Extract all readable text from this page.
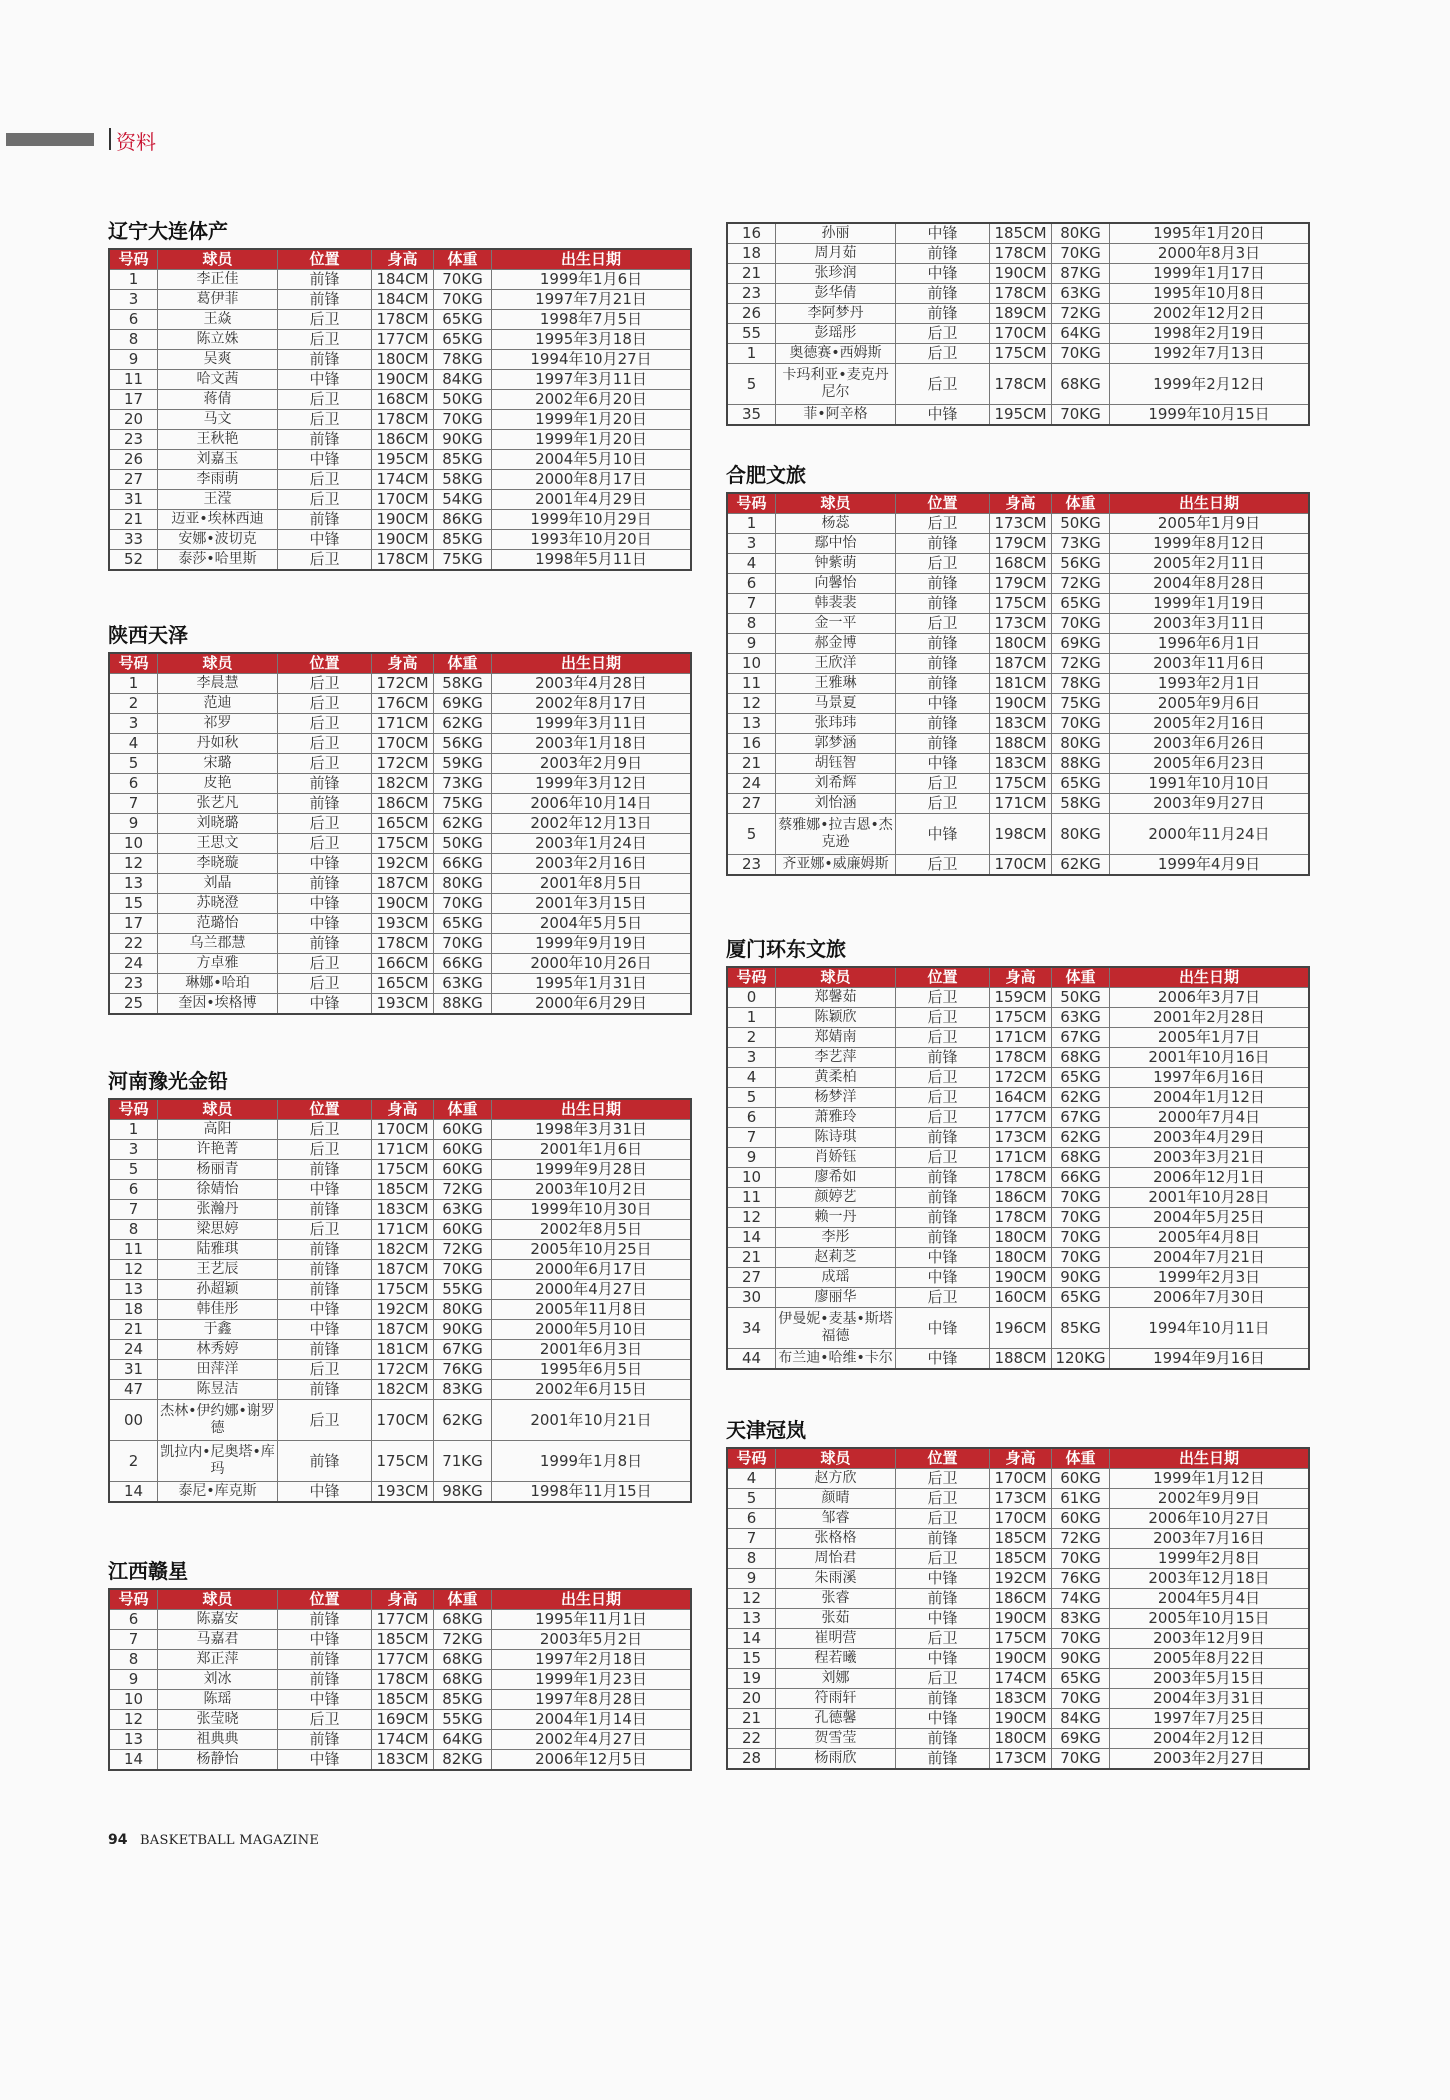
资料
辽宁大连体产
号码	球员	位置	身高	体重	出生日期
1	李正佳	前锋	184CM 70KG	1999年1月6日
3	葛伊菲	前锋	184CM 70KG	1997年7月21日
6	王焱	后卫	178CM 65KG	1998年7月5日
8	陈立姝	后卫	177CM 65KG	1995年3月18日
9	吴爽	前锋	180CM 78KG	1994年10月27日
11	哈文茜	中锋	190CM 84KG	1997年3月11日
17	蒋倩	后卫	168CM 50KG	2002年6月20日
20	马文	后卫	178CM 70KG	1999年1月20日
23	王秋艳	前锋	186CM 90KG	1999年1月20日
26	刘嘉玉	中锋	195CM 85KG	2004年5月10日
27	李雨萌	后卫	174CM 58KG	2000年8月17日
31	王滢	后卫	170CM 54KG	2001年4月29日
21	迈亚•埃林西迪	前锋	190CM 86KG	1999年10月29日
33	安娜•波切克	中锋	190CM 85KG	1993年10月20日
52	泰莎•哈里斯	后卫	178CM 75KG	1998年5月11日
陕西天泽
号码	球员	位置	身高	体重	出生日期
1	李晨慧	后卫	172CM 58KG	2003年4月28日
2	范迪	后卫	176CM 69KG	2002年8月17日
3	祁罗	后卫	171CM 62KG	1999年3月11日
4	丹如秋	后卫	170CM 56KG	2003年1月18日
5	宋璐	后卫	172CM 59KG	2003年2月9日
6	皮艳	前锋	182CM 73KG	1999年3月12日
7	张艺凡	前锋	186CM 75KG	2006年10月14日
9	刘晓璐	后卫	165CM 62KG	2002年12月13日
10	王思文	后卫	175CM 50KG	2003年1月24日
12	李晓璇	中锋	192CM 66KG	2003年2月16日
13	刘晶	前锋	187CM 80KG	2001年8月5日
15	苏晓澄	中锋	190CM 70KG	2001年3月15日
17	范璐怡	中锋	193CM 65KG	2004年5月5日
22	乌兰郡慧	前锋	178CM 70KG	1999年9月19日
24	方卓雅	后卫	166CM 66KG	2000年10月26日
23	琳娜•哈珀	后卫	165CM 63KG	1995年1月31日
25	奎因•埃格博	中锋	193CM 88KG	2000年6月29日
河南豫光金铅
号码	球员	位置	身高	体重	出生日期
1	高阳	后卫	170CM 60KG	1998年3月31日
3	许艳菁	后卫	171CM 60KG	2001年1月6日
5	杨丽青	前锋	175CM 60KG	1999年9月28日
6	徐婧怡	中锋	185CM 72KG	2003年10月2日
7	张瀚丹	前锋	183CM 63KG	1999年10月30日
8	梁思婷	后卫	171CM 60KG	2002年8月5日
11	陆雅琪	前锋	182CM 72KG	2005年10月25日
12	王艺辰	前锋	187CM 70KG	2000年6月17日
13	孙超颖	前锋	175CM 55KG	2000年4月27日
18	韩佳彤	中锋	192CM 80KG	2005年11月8日
21	于鑫	中锋	187CM 90KG	2000年5月10日
24	林秀婷	前锋	181CM 67KG	2001年6月3日
31	田萍洋	后卫	172CM 76KG	1995年6月5日
47	陈昱洁	前锋	182CM 83KG	2002年6月15日
00	杰林•伊约娜•谢罗德	后卫	170CM 62KG	2001年10月21日
2	凯拉内•尼奥塔•库玛	前锋	175CM 71KG	1999年1月8日
14	泰尼•库克斯	中锋	193CM 98KG	1998年11月15日
江西赣星
号码	球员	位置	身高	体重	出生日期
6	陈嘉安	前锋	177CM 68KG	1995年11月1日
7	马嘉君	中锋	185CM 72KG	2003年5月2日
8	郑正萍	前锋	177CM 68KG	1997年2月18日
9	刘冰	前锋	178CM 68KG	1999年1月23日
10	陈瑶	中锋	185CM 85KG	1997年8月28日
12	张莹晓	后卫	169CM 55KG	2004年1月14日
13	祖典典	前锋	174CM 64KG	2002年4月27日
14	杨静怡	中锋	183CM 82KG	2006年12月5日
16	孙丽	中锋	185CM 80KG	1995年1月20日
18	周月茹	前锋	178CM 70KG	2000年8月3日
21	张珍润	中锋	190CM 87KG	1999年1月17日
23	彭华倩	前锋	178CM 63KG	1995年10月8日
26	李阿梦丹	前锋	189CM 72KG	2002年12月2日
55	彭瑶彤	后卫	170CM 64KG	1998年2月19日
1	奥德赛•西姆斯	后卫	175CM 70KG	1992年7月13日
5	卡玛利亚•麦克丹尼尔	后卫	178CM 68KG	1999年2月12日
35	菲•阿辛格	中锋	195CM 70KG	1999年10月15日
合肥文旅
号码	球员	位置	身高	体重	出生日期
1	杨蕊	后卫	173CM 50KG	2005年1月9日
3	鄢中怡	前锋	179CM 73KG	1999年8月12日
4	钟紫萌	后卫	168CM 56KG	2005年2月11日
6	向馨怡	前锋	179CM 72KG	2004年8月28日
7	韩裴裴	前锋	175CM 65KG	1999年1月19日
8	金一平	后卫	173CM 70KG	2003年3月11日
9	郝金博	前锋	180CM 69KG	1996年6月1日
10	王欣洋	前锋	187CM 72KG	2003年11月6日
11	王雅琳	前锋	181CM 78KG	1993年2月1日
12	马景夏	中锋	190CM 75KG	2005年9月6日
13	张玮玮	前锋	183CM 70KG	2005年2月16日
16	郭梦涵	前锋	188CM 80KG	2003年6月26日
21	胡钰智	中锋	183CM 88KG	2005年6月23日
24	刘希辉	后卫	175CM 65KG	1991年10月10日
27	刘怡涵	后卫	171CM 58KG	2003年9月27日
5	蔡雅娜•拉吉恩•杰克逊	中锋	198CM 80KG	2000年11月24日
23	齐亚娜•威廉姆斯	后卫	170CM 62KG	1999年4月9日
厦门环东文旅
号码	球员	位置	身高	体重	出生日期
0	郑馨茹	后卫	159CM 50KG	2006年3月7日
1	陈颖欣	后卫	175CM 63KG	2001年2月28日
2	郑婧南	后卫	171CM 67KG	2005年1月7日
3	李艺萍	前锋	178CM 68KG	2001年10月16日
4	黄柔柏	后卫	172CM 65KG	1997年6月16日
5	杨梦洋	后卫	164CM 62KG	2004年1月12日
6	萧雅玲	后卫	177CM 67KG	2000年7月4日
7	陈诗琪	前锋	173CM 62KG	2003年4月29日
9	肖娇钰	后卫	171CM 68KG	2003年3月21日
10	廖希如	前锋	178CM 66KG	2006年12月1日
11	颜婷艺	前锋	186CM 70KG	2001年10月28日
12	赖一丹	前锋	178CM 70KG	2004年5月25日
14	李彤	前锋	180CM 70KG	2005年4月8日
21	赵莉芝	中锋	180CM 70KG	2004年7月21日
27	成瑶	中锋	190CM 90KG	1999年2月3日
30	廖丽华	后卫	160CM 65KG	2006年7月30日
34	伊曼妮•麦基•斯塔福德	中锋	196CM 85KG	1994年10月11日
44	布兰迪•哈维•卡尔	中锋	188CM 120KG	1994年9月16日
天津冠岚
号码	球员	位置	身高	体重	出生日期
4	赵方欣	后卫	170CM 60KG	1999年1月12日
5	颜晴	后卫	173CM 61KG	2002年9月9日
6	邹睿	后卫	170CM 60KG	2006年10月27日
7	张格格	前锋	185CM 72KG	2003年7月16日
8	周怡君	后卫	185CM 70KG	1999年2月8日
9	朱雨溪	中锋	192CM 76KG	2003年12月18日
12	张睿	前锋	186CM 74KG	2004年5月4日
13	张茹	中锋	190CM 83KG	2005年10月15日
14	崔明营	后卫	175CM 70KG	2003年12月9日
15	程若曦	中锋	190CM 90KG	2005年8月22日
19	刘娜	后卫	174CM 65KG	2003年5月15日
20	符雨轩	前锋	183CM 70KG	2004年3月31日
21	孔德馨	中锋	190CM 84KG	1997年7月25日
22	贺雪莹	前锋	180CM 69KG	2004年2月12日
28	杨雨欣	前锋	173CM 70KG	2003年2月27日
94 BASKETBALL MAGAZINE
